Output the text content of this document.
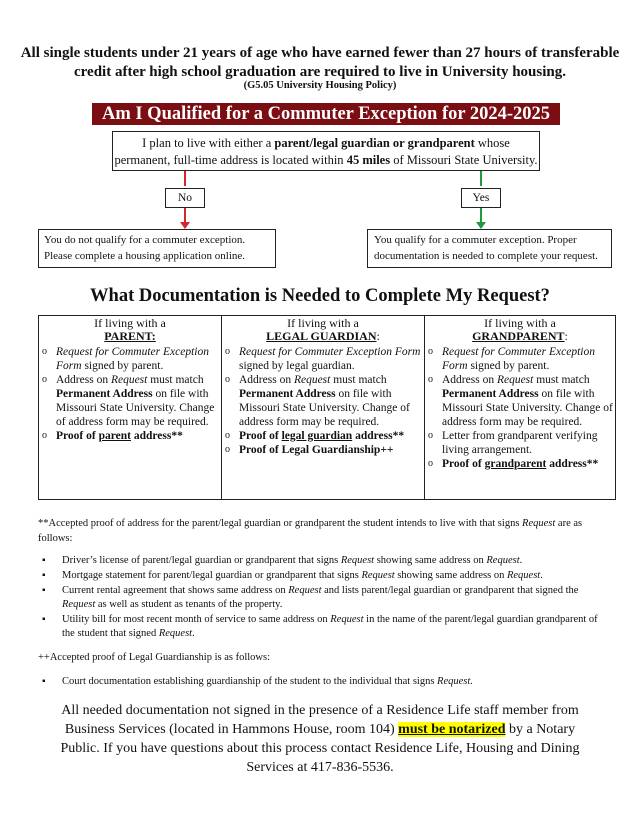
All single students under 21 years of age who have earned fewer than 27 hours of transferable credit after high school graduation are required to live in University housing.
(G5.05 University Housing Policy)
Am I Qualified for a Commuter Exception for 2024-2025
I plan to live with either a parent/legal guardian or grandparent whose permanent, full-time address is located within 45 miles of Missouri State University.
No	Yes
You do not qualify for a commuter exception. Please complete a housing application online.
You qualify for a commuter exception. Proper documentation is needed to complete your request.
What Documentation is Needed to Complete My Request?
If living with a
PARENT:
o Request for Commuter Exception Form signed by parent.
o Address on Request must match Permanent Address on file with Missouri State University. Change of address form may be required.
o Proof of parent address**
If living with a
LEGAL GUARDIAN:
o Request for Commuter Exception Form signed by legal guardian.
o Address on Request must match Permanent Address on file with Missouri State University. Change of address form may be required.
o Proof of legal guardian address**
o Proof of Legal Guardianship++
If living with a
GRANDPARENT:
o Request for Commuter Exception Form signed by parent.
o Address on Request must match Permanent Address on file with Missouri State University. Change of address form may be required.
o Letter from grandparent verifying living arrangement.
o Proof of grandparent address**
**Accepted proof of address for the parent/legal guardian or grandparent the student intends to live with that signs Request are as follows:
▪ Driver’s license of parent/legal guardian or grandparent that signs Request showing same address on Request.
▪ Mortgage statement for parent/legal guardian or grandparent that signs Request showing same address on Request.
▪ Current rental agreement that shows same address on Request and lists parent/legal guardian or grandparent that signed the Request as well as student as tenants of the property.
▪ Utility bill for most recent month of service to same address on Request in the name of the parent/legal guardian grandparent of the student that signed Request.
++Accepted proof of Legal Guardianship is as follows:
▪ Court documentation establishing guardianship of the student to the individual that signs Request.
All needed documentation not signed in the presence of a Residence Life staff member from Business Services (located in Hammons House, room 104) must be notarized by a Notary Public. If you have questions about this process contact Residence Life, Housing and Dining Services at 417-836-5536.
